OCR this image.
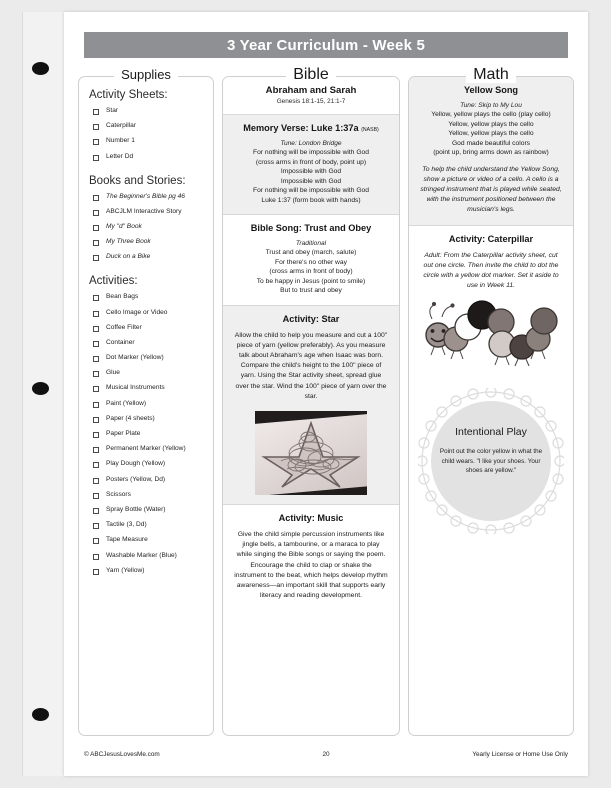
3 Year Curriculum - Week 5
Supplies
Activity Sheets:
Star
Caterpillar
Number 1
Letter Dd
Books and Stories:
The Beginner's Bible pg 46
ABCJLM Interactive Story
My "d" Book
My Three Book
Duck on a Bike
Activities:
Bean Bags
Cello Image or Video
Coffee Filter
Container
Dot Marker (Yellow)
Glue
Musical Instruments
Paint (Yellow)
Paper (4 sheets)
Paper Plate
Permanent Marker (Yellow)
Play Dough (Yellow)
Posters (Yellow, Dd)
Scissors
Spray Bottle (Water)
Tactile (3, Dd)
Tape Measure
Washable Marker (Blue)
Yarn (Yellow)
Bible
Abraham and Sarah
Genesis 18:1-15, 21:1-7
Memory Verse: Luke 1:37a (NASB)
Tune: London Bridge
For nothing will be impossible with God
(cross arms in front of body, point up)
Impossible with God
Impossible with God
For nothing will be impossible with God
Luke 1:37 (form book with hands)
Bible Song: Trust and Obey
Traditional
Trust and obey (march, salute)
For there's no other way
(cross arms in front of body)
To be happy in Jesus (point to smile)
But to trust and obey
Activity: Star
Allow the child to help you measure and cut a 100" piece of yarn (yellow preferably). As you measure talk about Abraham's age when Isaac was born. Compare the child's height to the 100" piece of yarn. Using the Star activity sheet, spread glue over the star. Wind the 100" piece of yarn over the star.
Activity: Music
Give the child simple percussion instruments like jingle bells, a tambourine, or a maraca to play while singing the Bible songs or saying the poem. Encourage the child to clap or shake the instrument to the beat, which helps develop rhythm awareness—an important skill that supports early literacy and reading development.
Math
Yellow Song
Tune: Skip to My Lou
Yellow, yellow plays the cello (play cello)
Yellow, yellow plays the cello
Yellow, yellow plays the cello
God made beautiful colors
(point up, bring arms down as rainbow)
To help the child understand the Yellow Song, show a picture or video of a cello. A cello is a stringed instrument that is played while seated, with the instrument positioned between the musician's legs.
Activity: Caterpillar
Adult: From the Caterpillar activity sheet, cut out one circle. Then invite the child to dot the circle with a yellow dot marker. Set it aside to use in Week 11.
Intentional Play
Point out the color yellow in what the child wears. "I like your shoes. Your shoes are yellow."
© ABCJesusLovesMe.com	20	Yearly License or Home Use Only
